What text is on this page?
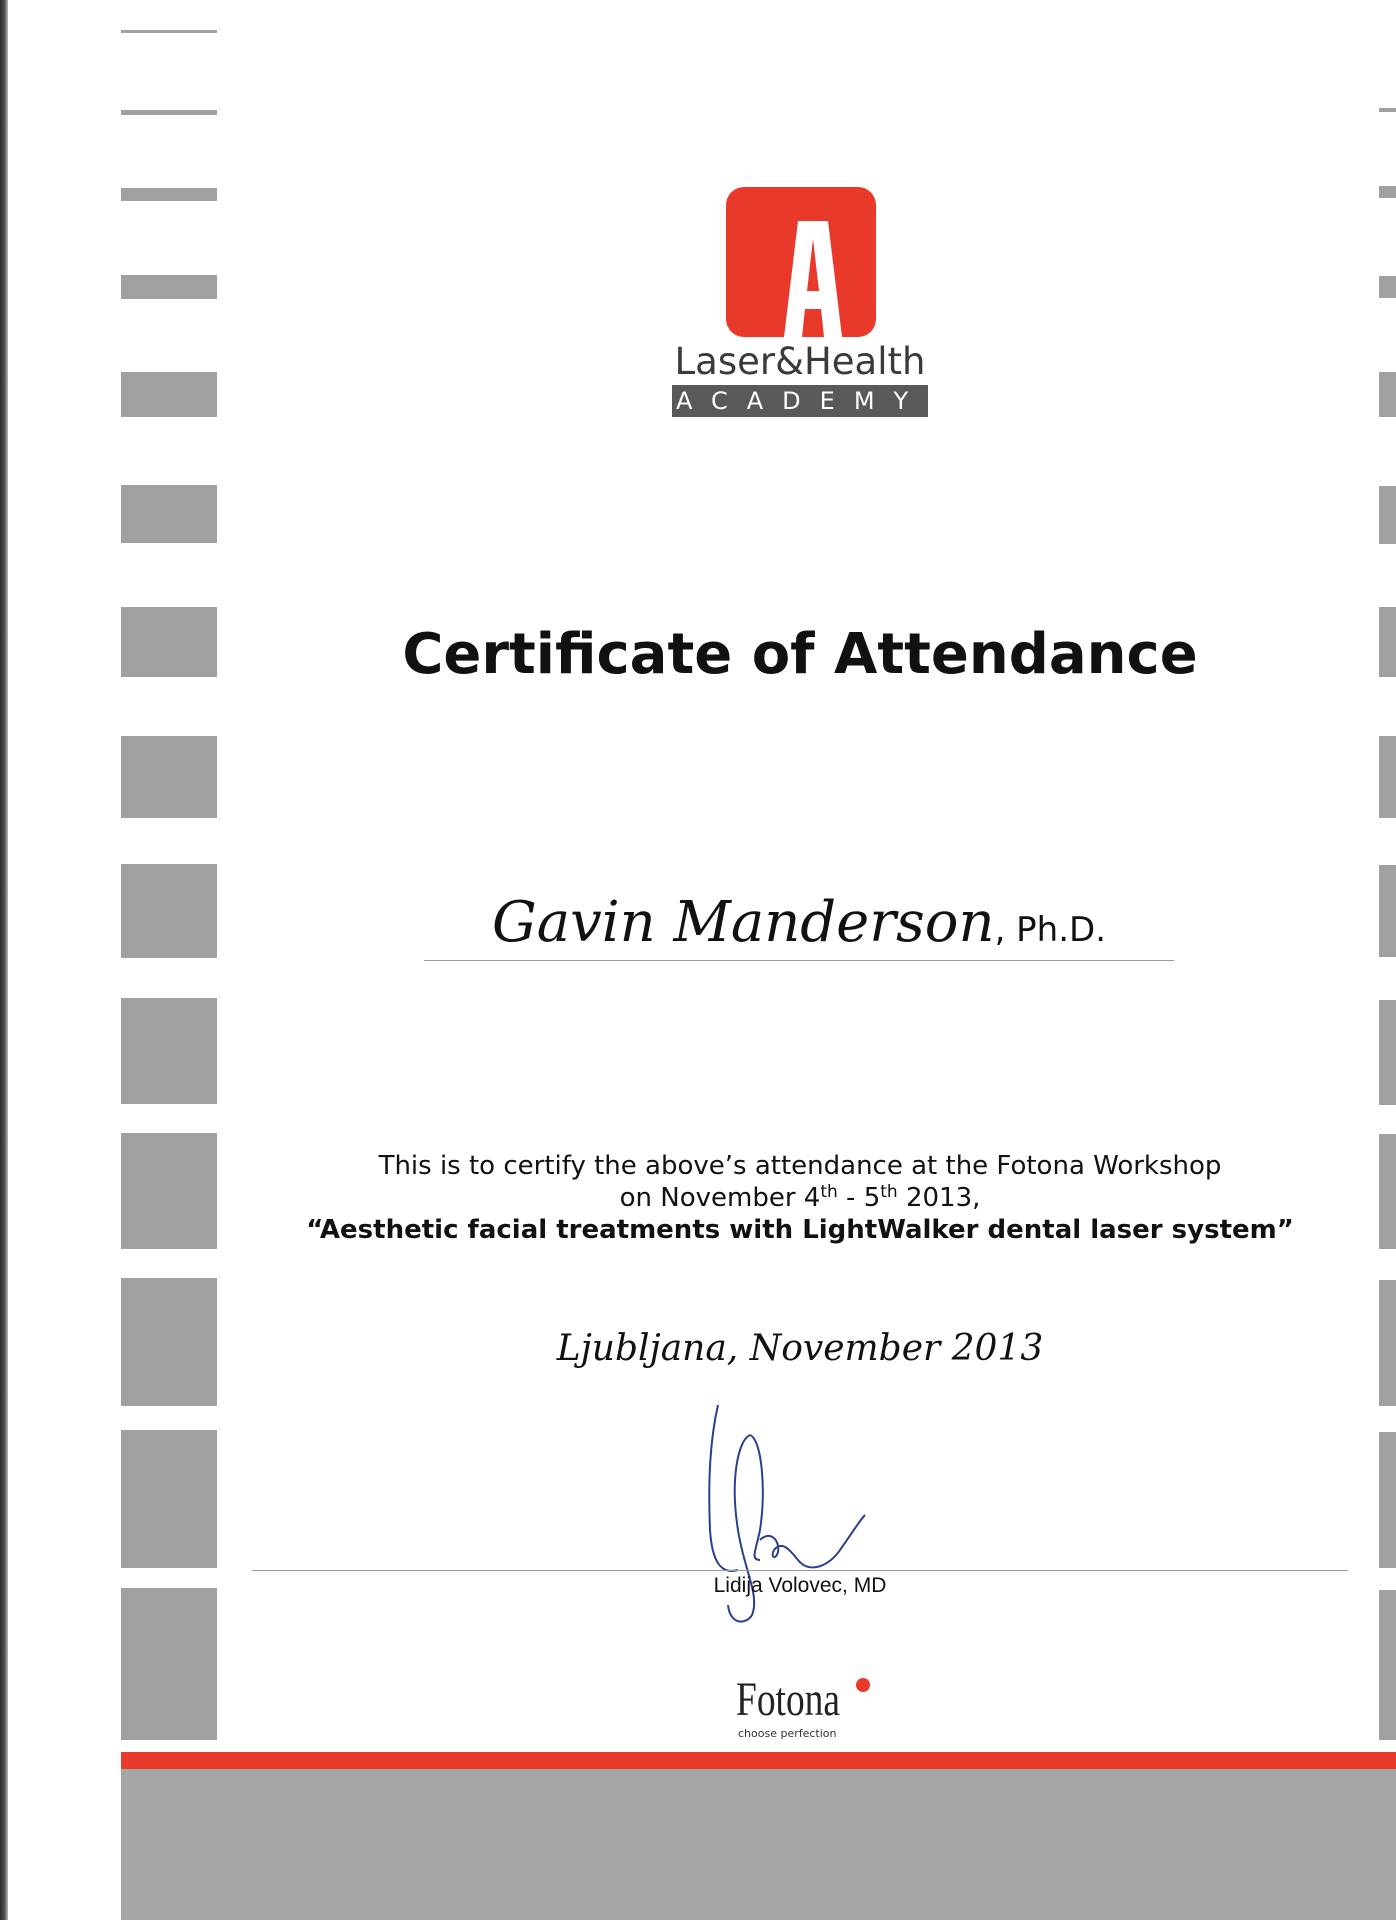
Laser&Health
ACADEMY
Certificate of Attendance
Gavin Manderson, Ph.D.
This is to certify the above’s attendance at the Fotona Workshop
on November 4th - 5th 2013,
“Aesthetic facial treatments with LightWalker dental laser system”
Ljubljana, November 2013
Lidija Volovec, MD
Fotona
choose perfection
